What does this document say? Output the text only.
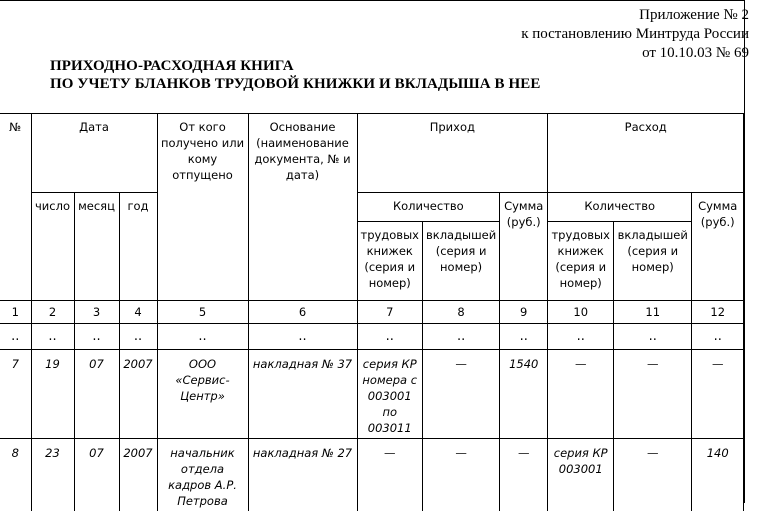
Приложение № 2
к постановлению Минтруда России
от 10.10.03 № 69
ПРИХОДНО-РАСХОДНАЯ КНИГА
ПО УЧЕТУ БЛАНКОВ ТРУДОВОЙ КНИЖКИ И ВКЛАДЫША В НЕЕ
№	Дата			От кого получено или кому отпущено	Основание (наименование документа, № и дата)	Приход			Расход		
	число	месяц	год			Количество		Сумма (руб.)	Количество		Сумма (руб.)
						трудовых книжек (серия и номер)	вкладышей (серия и номер)		трудовых книжек (серия и номер)	вкладышей (серия и номер)	
1	2	3	4	5	6	7	8	9	10	11	12
..	..	..	..	..	..	..	..	..	..	..	..
7	19	07	2007	ООО «Сервис-Центр»	накладная № 37	серия КР номера с 003001 по 003011	—	1540	—	—	—
8	23	07	2007	начальник отдела кадров А.Р. Петрова	накладная № 27	—	—	—	серия КР 003001	—	140
